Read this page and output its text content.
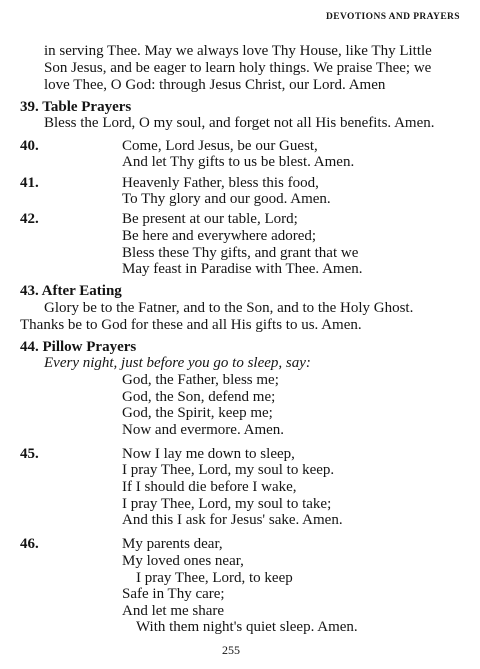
DEVOTIONS AND PRAYERS
in serving Thee. May we always love Thy House, like Thy Little
Son Jesus, and be eager to learn holy things. We praise Thee; we
love Thee, O God: through Jesus Christ, our Lord. Amen
39. Table Prayers
Bless the Lord, O my soul, and forget not all His benefits. Amen.
40.	Come, Lord Jesus, be our Guest,
And let Thy gifts to us be blest. Amen.
41.	Heavenly Father, bless this food,
To Thy glory and our good. Amen.
42.	Be present at our table, Lord;
Be here and everywhere adored;
Bless these Thy gifts, and grant that we
May feast in Paradise with Thee. Amen.
43. After Eating
Glory be to the Fatner, and to the Son, and to the Holy Ghost.
Thanks be to God for these and all His gifts to us. Amen.
44. Pillow Prayers
Every night, just before you go to sleep, say:
God, the Father, bless me;
God, the Son, defend me;
God, the Spirit, keep me;
Now and evermore. Amen.
45.	Now I lay me down to sleep,
I pray Thee, Lord, my soul to keep.
If I should die before I wake,
I pray Thee, Lord, my soul to take;
And this I ask for Jesus' sake. Amen.
46.	My parents dear,
My loved ones near,
I pray Thee, Lord, to keep
Safe in Thy care;
And let me share
With them night's quiet sleep. Amen.
255
